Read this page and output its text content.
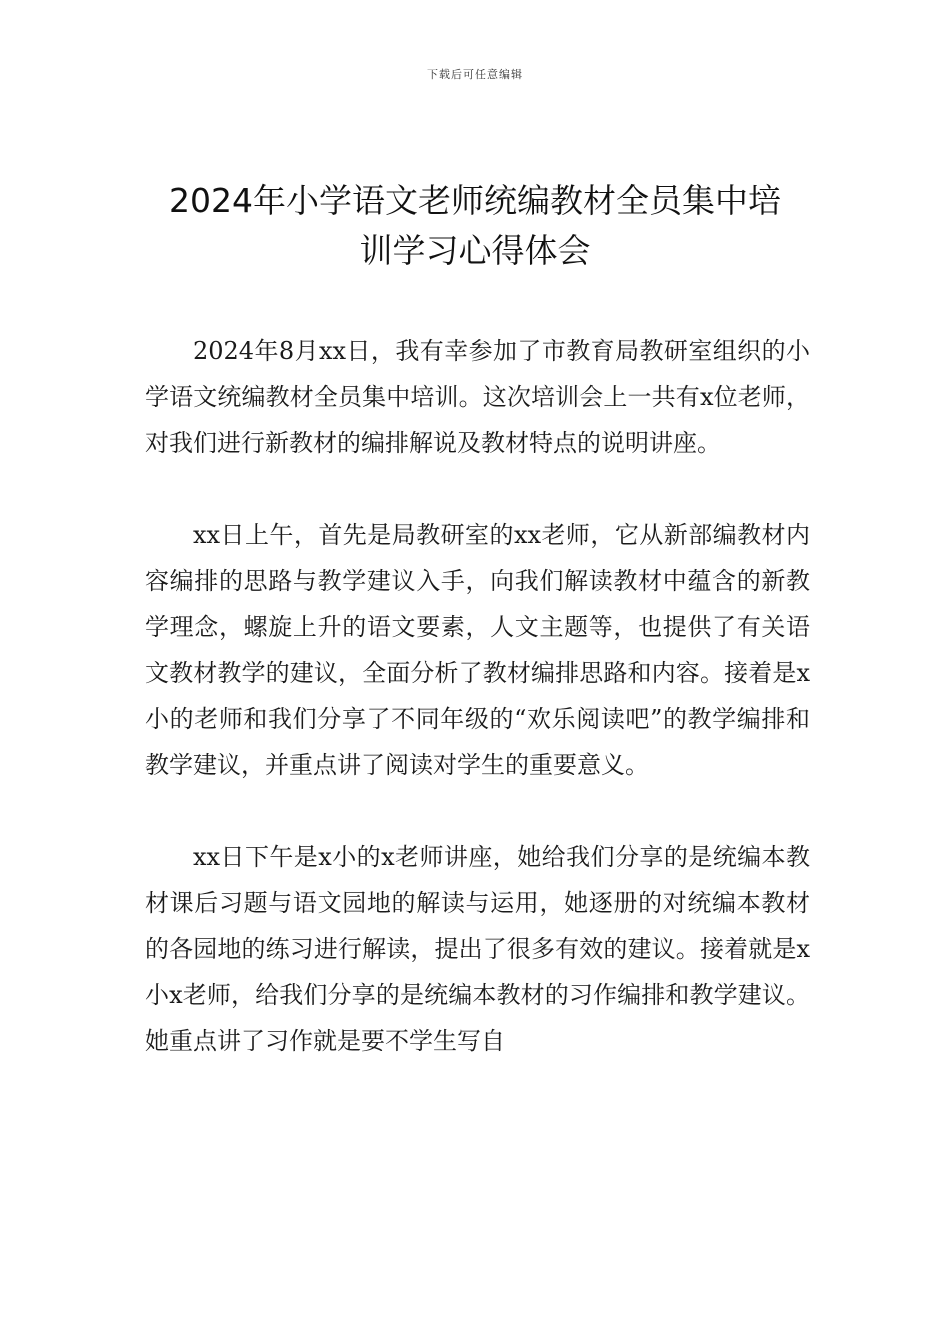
下载后可任意编辑
2024年小学语文老师统编教材全员集中培
训学习心得体会

2024年8月xx日，我有幸参加了市教育局教研室组织的小学语文统编教材全员集中培训。这次培训会上一共有x位老师，对我们进行新教材的编排解说及教材特点的说明讲座。

xx日上午，首先是局教研室的xx老师，它从新部编教材内容编排的思路与教学建议入手，向我们解读教材中蕴含的新教学理念，螺旋上升的语文要素，人文主题等，也提供了有关语文教材教学的建议，全面分析了教材编排思路和内容。接着是x小的老师和我们分享了不同年级的“欢乐阅读吧”的教学编排和教学建议，并重点讲了阅读对学生的重要意义。

xx日下午是x小的x老师讲座，她给我们分享的是统编本教材课后习题与语文园地的解读与运用，她逐册的对统编本教材的各园地的练习进行解读，提出了很多有效的建议。接着就是x小x老师，给我们分享的是统编本教材的习作编排和教学建议。她重点讲了习作就是要不学生写自
